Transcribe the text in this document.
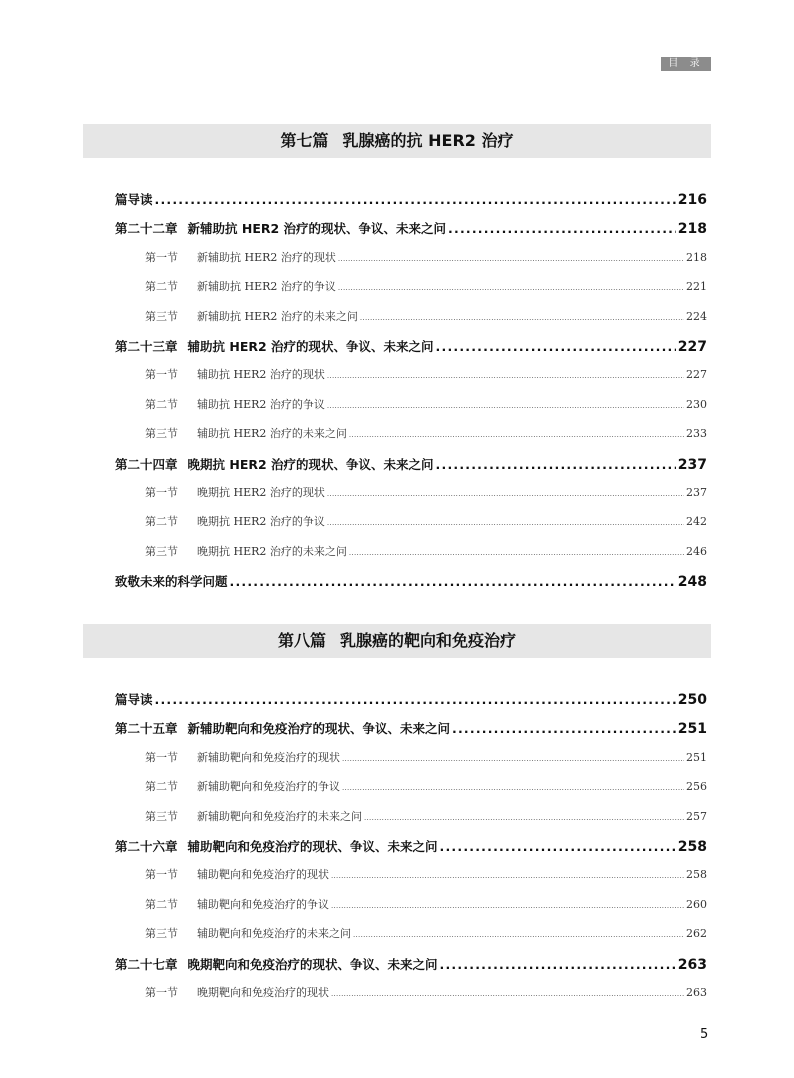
目 录
第七篇 乳腺癌的抗 HER2 治疗
篇导读 .....	216
第二十二章 新辅助抗 HER2 治疗的现状、争议、未来之问 .....	218
第一节 新辅助抗 HER2 治疗的现状 .....	218
第二节 新辅助抗 HER2 治疗的争议 .....	221
第三节 新辅助抗 HER2 治疗的未来之问 .....	224
第二十三章 辅助抗 HER2 治疗的现状、争议、未来之问 .....	227
第一节 辅助抗 HER2 治疗的现状 .....	227
第二节 辅助抗 HER2 治疗的争议 .....	230
第三节 辅助抗 HER2 治疗的未来之问 .....	233
第二十四章 晚期抗 HER2 治疗的现状、争议、未来之问 .....	237
第一节 晚期抗 HER2 治疗的现状 .....	237
第二节 晚期抗 HER2 治疗的争议 .....	242
第三节 晚期抗 HER2 治疗的未来之问 .....	246
致敬未来的科学问题 .....	248
第八篇 乳腺癌的靶向和免疫治疗
篇导读 .....	250
第二十五章 新辅助靶向和免疫治疗的现状、争议、未来之问 .....	251
第一节 新辅助靶向和免疫治疗的现状 .....	251
第二节 新辅助靶向和免疫治疗的争议 .....	256
第三节 新辅助靶向和免疫治疗的未来之问 .....	257
第二十六章 辅助靶向和免疫治疗的现状、争议、未来之问 .....	258
第一节 辅助靶向和免疫治疗的现状 .....	258
第二节 辅助靶向和免疫治疗的争议 .....	260
第三节 辅助靶向和免疫治疗的未来之问 .....	262
第二十七章 晚期靶向和免疫治疗的现状、争议、未来之问 .....	263
第一节 晚期靶向和免疫治疗的现状 .....	263
5
